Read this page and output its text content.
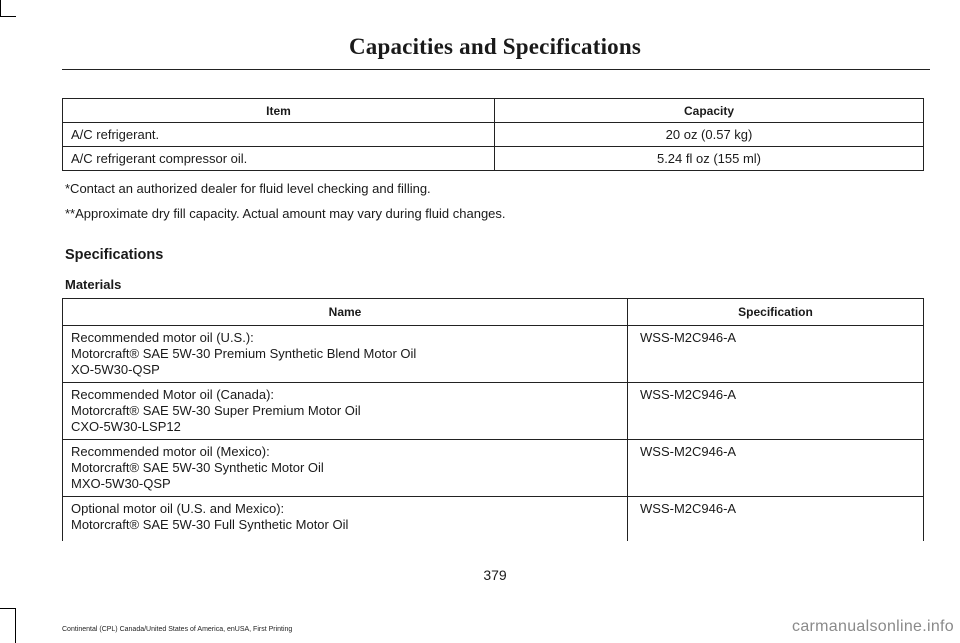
Capacities and Specifications
Item	Capacity
A/C refrigerant.	20 oz (0.57 kg)
A/C refrigerant compressor oil.	5.24 fl oz (155 ml)
*Contact an authorized dealer for fluid level checking and filling.
**Approximate dry fill capacity. Actual amount may vary during fluid changes.
Specifications
Materials
Name	Specification

Recommended motor oil (U.S.):
Motorcraft® SAE 5W-30 Premium Synthetic Blend Motor Oil
XO-5W30-QSP	WSS-M2C946-A

Recommended Motor oil (Canada):
Motorcraft® SAE 5W-30 Super Premium Motor Oil
CXO-5W30-LSP12	WSS-M2C946-A

Recommended motor oil (Mexico):
Motorcraft® SAE 5W-30 Synthetic Motor Oil
MXO-5W30-QSP	WSS-M2C946-A

Optional motor oil (U.S. and Mexico):
Motorcraft® SAE 5W-30 Full Synthetic Motor Oil	WSS-M2C946-A
379
Continental (CPL) Canada/United States of America, enUSA, First Printing	carmanualsonline.info
